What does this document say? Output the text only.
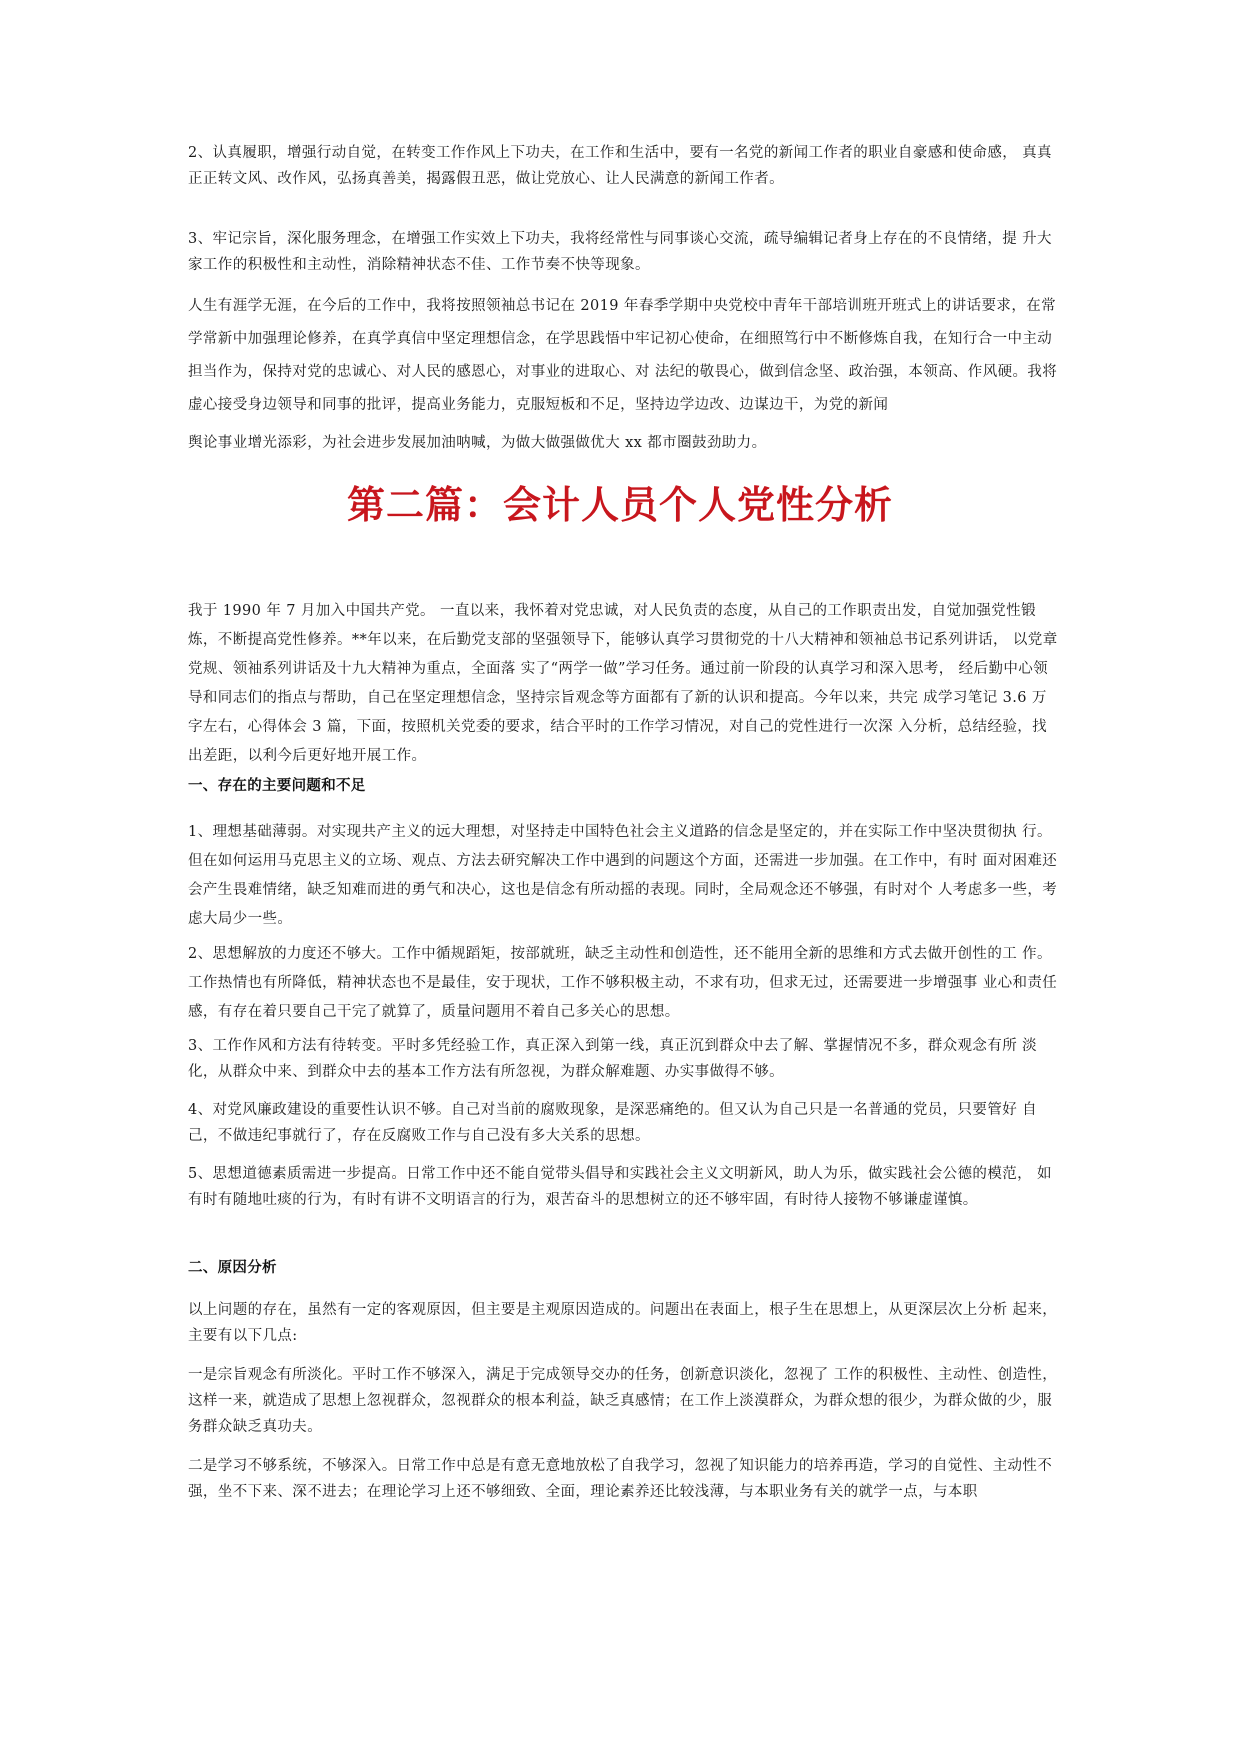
2、认真履职，增强行动自觉，在转变工作作风上下功夫，在工作和生活中，要有一名党的新闻工作者的职业自豪感和使命感， 真真正正转文风、改作风，弘扬真善美，揭露假丑恶，做让党放心、让人民满意的新闻工作者。

3、牢记宗旨，深化服务理念，在增强工作实效上下功夫，我将经常性与同事谈心交流，疏导编辑记者身上存在的不良情绪，提 升大家工作的积极性和主动性，消除精神状态不佳、工作节奏不快等现象。

人生有涯学无涯，在今后的工作中，我将按照领袖总书记在 2019 年春季学期中央党校中青年干部培训班开班式上的讲话要求，在常学常新中加强理论修养，在真学真信中坚定理想信念，在学思践悟中牢记初心使命，在细照笃行中不断修炼自我，在知行合一中主动担当作为，保持对党的忠诚心、对人民的感恩心，对事业的进取心、对 法纪的敬畏心，做到信念坚、政治强，本领高、作风硬。我将虚心接受身边领导和同事的批评，提高业务能力，克服短板和不足，坚持边学边改、边谋边干，为党的新闻

舆论事业增光添彩，为社会进步发展加油呐喊，为做大做强做优大 xx 都市圈鼓劲助力。

第二篇：会计人员个人党性分析

我于 1990 年 7 月加入中国共产党。 一直以来，我怀着对党忠诚，对人民负责的态度，从自己的工作职责出发，自觉加强党性锻 炼，不断提高党性修养。**年以来，在后勤党支部的坚强领导下，能够认真学习贯彻党的十八大精神和领袖总书记系列讲话， 以党章党规、领袖系列讲话及十九大精神为重点，全面落 实了“两学一做”学习任务。通过前一阶段的认真学习和深入思考， 经后勤中心领导和同志们的指点与帮助，自己在坚定理想信念，坚持宗旨观念等方面都有了新的认识和提高。今年以来，共完 成学习笔记 3.6 万字左右，心得体会 3 篇，下面，按照机关党委的要求，结合平时的工作学习情况，对自己的党性进行一次深 入分析，总结经验，找出差距，以利今后更好地开展工作。

一、存在的主要问题和不足

1、理想基础薄弱。对实现共产主义的远大理想，对坚持走中国特色社会主义道路的信念是坚定的，并在实际工作中坚决贯彻执 行。但在如何运用马克思主义的立场、观点、方法去研究解决工作中遇到的问题这个方面，还需进一步加强。在工作中，有时 面对困难还会产生畏难情绪，缺乏知难而进的勇气和决心，这也是信念有所动摇的表现。同时，全局观念还不够强，有时对个 人考虑多一些，考虑大局少一些。

2、思想解放的力度还不够大。工作中循规蹈矩，按部就班，缺乏主动性和创造性，还不能用全新的思维和方式去做开创性的工 作。工作热情也有所降低，精神状态也不是最佳，安于现状，工作不够积极主动，不求有功，但求无过，还需要进一步增强事 业心和责任感，有存在着只要自己干完了就算了，质量问题用不着自己多关心的思想。

3、工作作风和方法有待转变。平时多凭经验工作，真正深入到第一线，真正沉到群众中去了解、掌握情况不多，群众观念有所 淡化，从群众中来、到群众中去的基本工作方法有所忽视，为群众解难题、办实事做得不够。

4、对党风廉政建设的重要性认识不够。自己对当前的腐败现象，是深恶痛绝的。但又认为自己只是一名普通的党员，只要管好 自己，不做违纪事就行了，存在反腐败工作与自己没有多大关系的思想。

5、思想道德素质需进一步提高。日常工作中还不能自觉带头倡导和实践社会主义文明新风，助人为乐，做实践社会公德的模范， 如有时有随地吐痰的行为，有时有讲不文明语言的行为，艰苦奋斗的思想树立的还不够牢固，有时待人接物不够谦虚谨慎。

二、原因分析

以上问题的存在，虽然有一定的客观原因，但主要是主观原因造成的。问题出在表面上，根子生在思想上，从更深层次上分析 起来，主要有以下几点:

一是宗旨观念有所淡化。平时工作不够深入，满足于完成领导交办的任务，创新意识淡化，忽视了 工作的积极性、主动性、创造性，这样一来，就造成了思想上忽视群众，忽视群众的根本利益，缺乏真感情；在工作上淡漠群众，为群众想的很少，为群众做的少，服务群众缺乏真功夫。

二是学习不够系统，不够深入。日常工作中总是有意无意地放松了自我学习，忽视了知识能力的培养再造，学习的自觉性、主动性不强，坐不下来、深不进去；在理论学习上还不够细致、全面，理论素养还比较浅薄，与本职业务有关的就学一点，与本职
